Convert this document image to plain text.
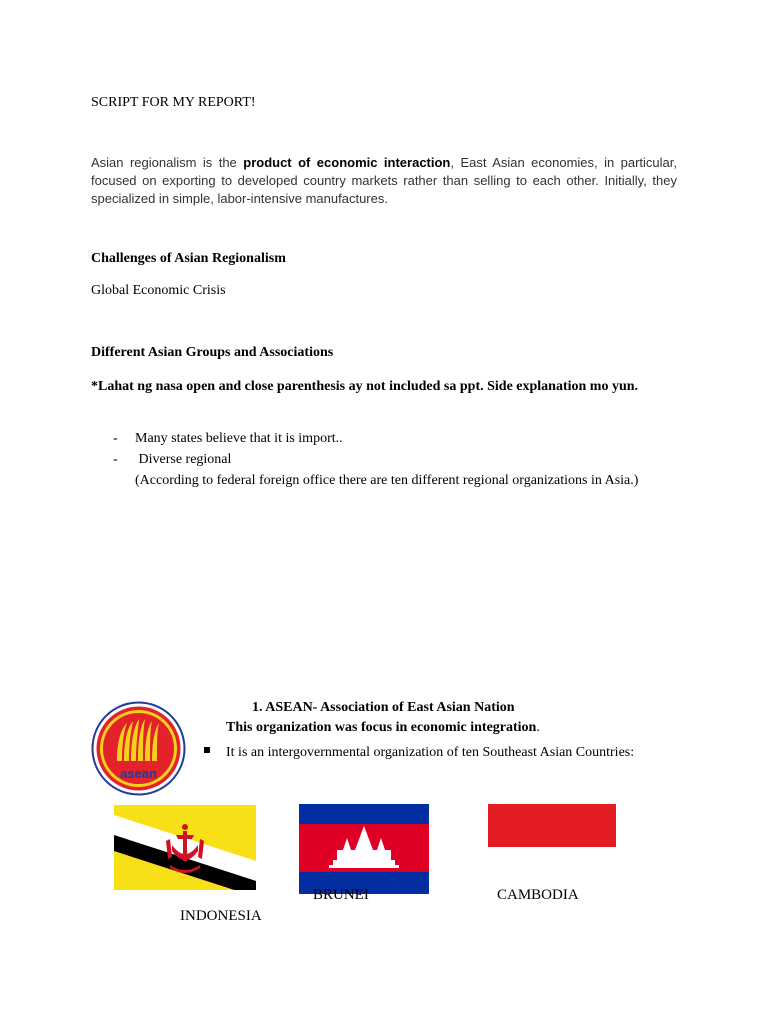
SCRIPT FOR MY REPORT!
Asian regionalism is the product of economic interaction, East Asian economies, in particular, focused on exporting to developed country markets rather than selling to each other. Initially, they specialized in simple, labor-intensive manufactures.
Challenges of Asian Regionalism
Global Economic Crisis
Different Asian Groups and Associations
*Lahat ng nasa open and close parenthesis ay not included sa ppt. Side explanation mo yun.
- Many states believe that it is import..
- Diverse regional
(According to federal foreign office there are ten different regional organizations in Asia.)
asean
1. ASEAN- Association of East Asian Nation
This organization was focus in economic integration.
It is an intergovernmental organization of ten Southeast Asian Countries:
BRUNEI	CAMBODIA
INDONESIA
